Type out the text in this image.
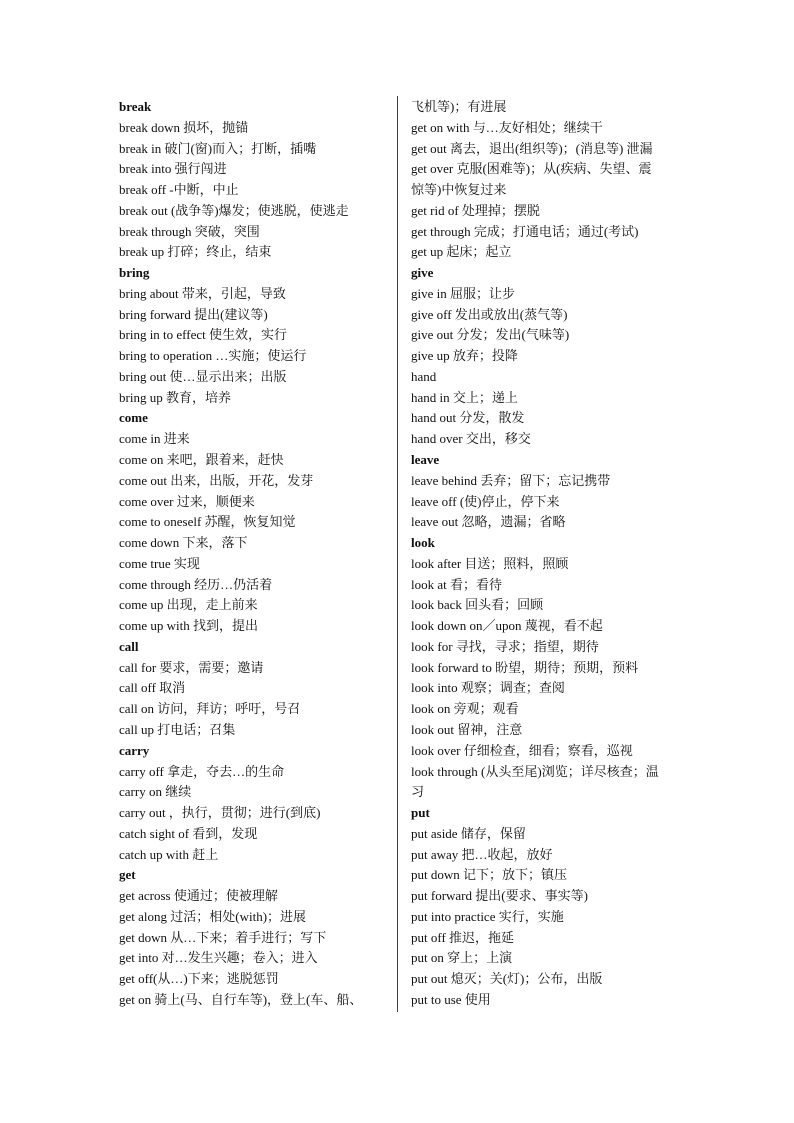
break
break down 损坏，抛锚
break in 破门(窗)而入；打断，插嘴
break into 强行闯进
break off -中断，中止
break out (战争等)爆发；使逃脱，使逃走
break through 突破，突围
break up 打碎；终止，结束
bring
bring about 带来，引起，导致
bring forward 提出(建议等)
bring in to effect 使生效，实行
bring to operation …实施；使运行
bring out 使…显示出来；出版
bring up 教育，培养
come
come in 进来
come on 来吧，跟着来，赶快
come out 出来，出版，开花，发芽
come over 过来，顺便来
come to oneself 苏醒，恢复知觉
come down 下来，落下
come true 实现
come through 经历…仍活着
come up 出现，走上前来
come up with 找到，提出
call
call for 要求，需要；邀请
call off 取消
call on 访问，拜访；呼吁，号召
call up 打电话；召集
carry
carry off 拿走，夺去…的生命
carry on 继续
carry out ，执行，贯彻；进行(到底)
catch sight of 看到，发现
catch up with 赶上
get
get across 使通过；使被理解
get along 过活；相处(with)；进展
get down 从…下来；着手进行；写下
get into 对…发生兴趣；卷入；进入
get off(从…)下来；逃脱惩罚
get on 骑上(马、自行车等)，登上(车、船、
飞机等)；有进展
get on with 与…友好相处；继续干
get out 离去，退出(组织等)；(消息等) 泄漏
get over 克服(困难等)；从(疾病、失望、震
惊等)中恢复过来
get rid of 处理掉；摆脱
get through 完成；打通电话；通过(考试)
get up 起床；起立
give
give in 屈服；让步
give off 发出或放出(蒸气等)
give out 分发；发出(气味等)
give up 放弃；投降
hand
hand in 交上；递上
hand out 分发，散发
hand over 交出，移交
leave
leave behind 丢弃；留下；忘记携带
leave off (使)停止，停下来
leave out 忽略，遗漏；省略
look
look after 目送；照料，照顾
look at 看；看待
look back 回头看；回顾
look down on／upon 蔑视，看不起
look for 寻找，寻求；指望，期待
look forward to 盼望，期待；预期，预料
look into 观察；调查；查阅
look on 旁观；观看
look out 留神，注意
look over 仔细检查，细看；察看，巡视
look through (从头至尾)浏览；详尽核查；温
习
put
put aside 储存，保留
put away 把…收起，放好
put down 记下；放下；镇压
put forward 提出(要求、事实等)
put into practice 实行，实施
put off 推迟，拖延
put on 穿上；上演
put out 熄灭；关(灯)；公布，出版
put to use 使用
